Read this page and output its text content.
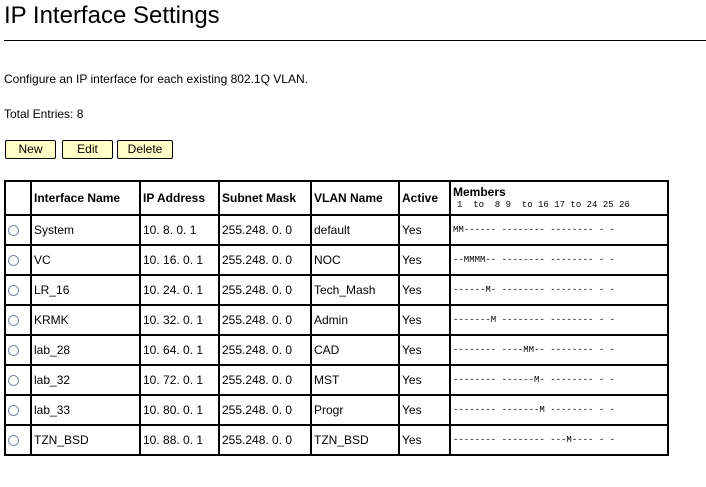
IP Interface Settings
Configure an IP interface for each existing 802.1Q VLAN.
Total Entries: 8
New	Edit	Delete
	Interface Name	IP Address	Subnet Mask	VLAN Name	Active	Members
1  to  8 9  to 16 17 to 24 25 26

	System	10. 8. 0. 1	255.248. 0. 0	default	Yes	MM------ -------- -------- - -
	VC	10. 16. 0. 1	255.248. 0. 0	NOC	Yes	--MMMM-- -------- -------- - -
	LR_16	10. 24. 0. 1	255.248. 0. 0	Tech_Mash	Yes	------M- -------- -------- - -
	KRMK	10. 32. 0. 1	255.248. 0. 0	Admin	Yes	-------M -------- -------- - -
	lab_28	10. 64. 0. 1	255.248. 0. 0	CAD	Yes	-------- ----MM-- -------- - -
	lab_32	10. 72. 0. 1	255.248. 0. 0	MST	Yes	-------- ------M- -------- - -
	lab_33	10. 80. 0. 1	255.248. 0. 0	Progr	Yes	-------- -------M -------- - -
	TZN_BSD	10. 88. 0. 1	255.248. 0. 0	TZN_BSD	Yes	-------- -------- ---M---- - -
